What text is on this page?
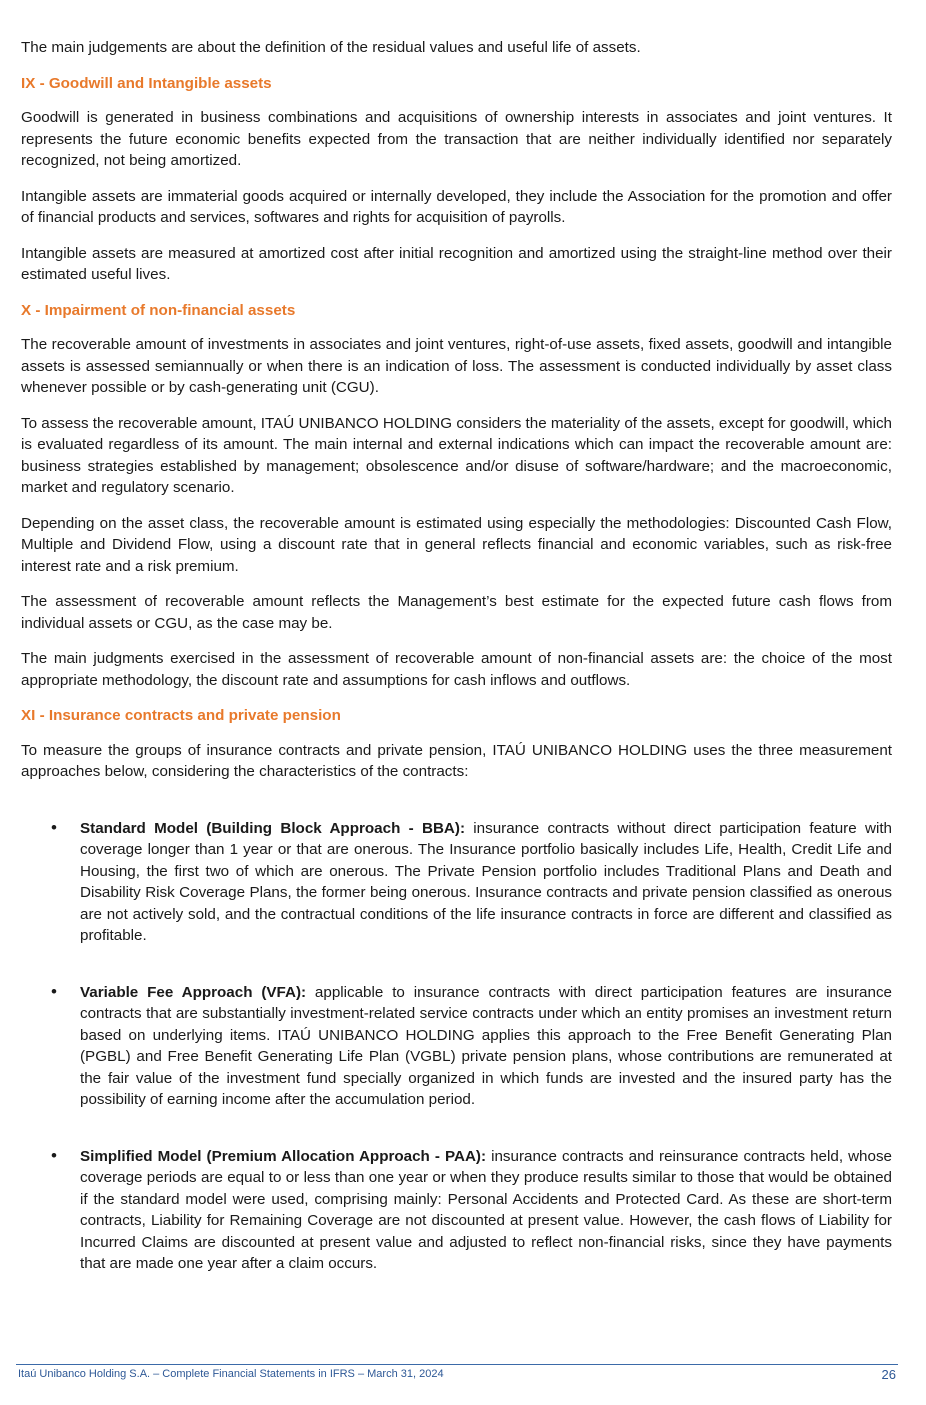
The main judgements are about the definition of the residual values and useful life of assets.

IX - Goodwill and Intangible assets

Goodwill is generated in business combinations and acquisitions of ownership interests in associates and joint ventures. It represents the future economic benefits expected from the transaction that are neither individually identified nor separately recognized, not being amortized.

Intangible assets are immaterial goods acquired or internally developed, they include the Association for the promotion and offer of financial products and services, softwares and rights for acquisition of payrolls.

Intangible assets are measured at amortized cost after initial recognition and amortized using the straight-line method over their estimated useful lives.

X - Impairment of non-financial assets

The recoverable amount of investments in associates and joint ventures, right-of-use assets, fixed assets, goodwill and intangible assets is assessed semiannually or when there is an indication of loss. The assessment is conducted individually by asset class whenever possible or by cash-generating unit (CGU).

To assess the recoverable amount, ITAÚ UNIBANCO HOLDING considers the materiality of the assets, except for goodwill, which is evaluated regardless of its amount. The main internal and external indications which can impact the recoverable amount are: business strategies established by management; obsolescence and/or disuse of software/hardware; and the macroeconomic, market and regulatory scenario.

Depending on the asset class, the recoverable amount is estimated using especially the methodologies: Discounted Cash Flow, Multiple and Dividend Flow, using a discount rate that in general reflects financial and economic variables, such as risk-free interest rate and a risk premium.

The assessment of recoverable amount reflects the Management’s best estimate for the expected future cash flows from individual assets or CGU, as the case may be.

The main judgments exercised in the assessment of recoverable amount of non-financial assets are: the choice of the most appropriate methodology, the discount rate and assumptions for cash inflows and outflows.

XI - Insurance contracts and private pension

To measure the groups of insurance contracts and private pension, ITAÚ UNIBANCO HOLDING uses the three measurement approaches below, considering the characteristics of the contracts:

• Standard Model (Building Block Approach - BBA): insurance contracts without direct participation feature with coverage longer than 1 year or that are onerous. The Insurance portfolio basically includes Life, Health, Credit Life and Housing, the first two of which are onerous. The Private Pension portfolio includes Traditional Plans and Death and Disability Risk Coverage Plans, the former being onerous. Insurance contracts and private pension classified as onerous are not actively sold, and the contractual conditions of the life insurance contracts in force are different and classified as profitable.
• Variable Fee Approach (VFA): applicable to insurance contracts with direct participation features are insurance contracts that are substantially investment-related service contracts under which an entity promises an investment return based on underlying items. ITAÚ UNIBANCO HOLDING applies this approach to the Free Benefit Generating Plan (PGBL) and Free Benefit Generating Life Plan (VGBL) private pension plans, whose contributions are remunerated at the fair value of the investment fund specially organized in which funds are invested and the insured party has the possibility of earning income after the accumulation period.
• Simplified Model (Premium Allocation Approach - PAA): insurance contracts and reinsurance contracts held, whose coverage periods are equal to or less than one year or when they produce results similar to those that would be obtained if the standard model were used, comprising mainly: Personal Accidents and Protected Card. As these are short-term contracts, Liability for Remaining Coverage are not discounted at present value. However, the cash flows of Liability for Incurred Claims are discounted at present value and adjusted to reflect non-financial risks, since they have payments that are made one year after a claim occurs.
Itaú Unibanco Holding S.A. – Complete Financial Statements in IFRS – March 31, 2024	26
